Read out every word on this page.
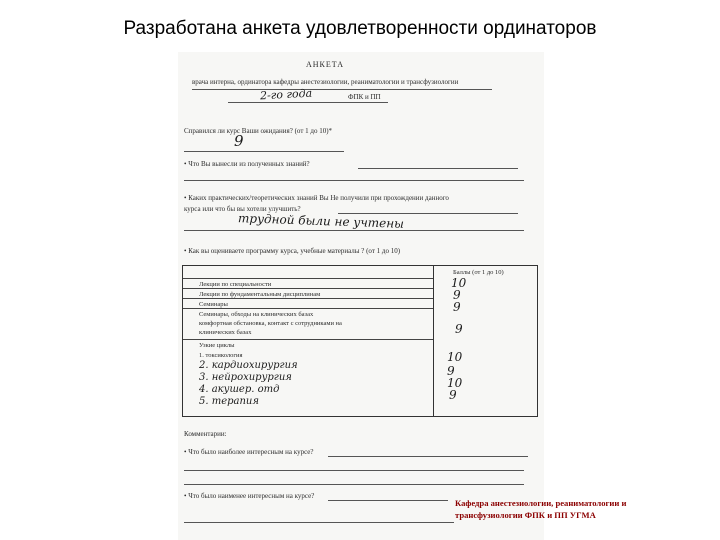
Разработана анкета удовлетворенности ординаторов
АНКЕТА
врача интерна, ординатора кафедры анестезиологии, реаниматологии и трансфузиологии
2-го года	ФПК и ПП
Справился ли курс Ваши ожидания? (от 1 до 10)*
9
• Что Вы вынесли из полученных знаний?
• Каких практических/теоретических знаний Вы Не получили при прохождении данного
курса или что бы вы хотели улучшить?
трудной были не учтены
• Как вы оцениваете программу курса, учебные материалы ? (от 1 до 10)
Баллы (от 1 до 10)
Лекции по специальности
Лекции по фундаментальным дисциплинам
Семинары
Семинары, обходы на клинических базах
комфортная обстановка, контакт с сотрудниками на
клинических базах
Узкие циклы
1. токсикология
2. кардиохирургия
3. нейрохирургия
4. акушер. отд
5. терапия
10
9
9
9
10
9
10
9
Комментарии:
• Что было наиболее интересным на курсе?
• Что было наименее интересным на курсе?
Кафедра анестезиологии, реаниматологии и
трансфузиологии ФПК и ПП УГМА
